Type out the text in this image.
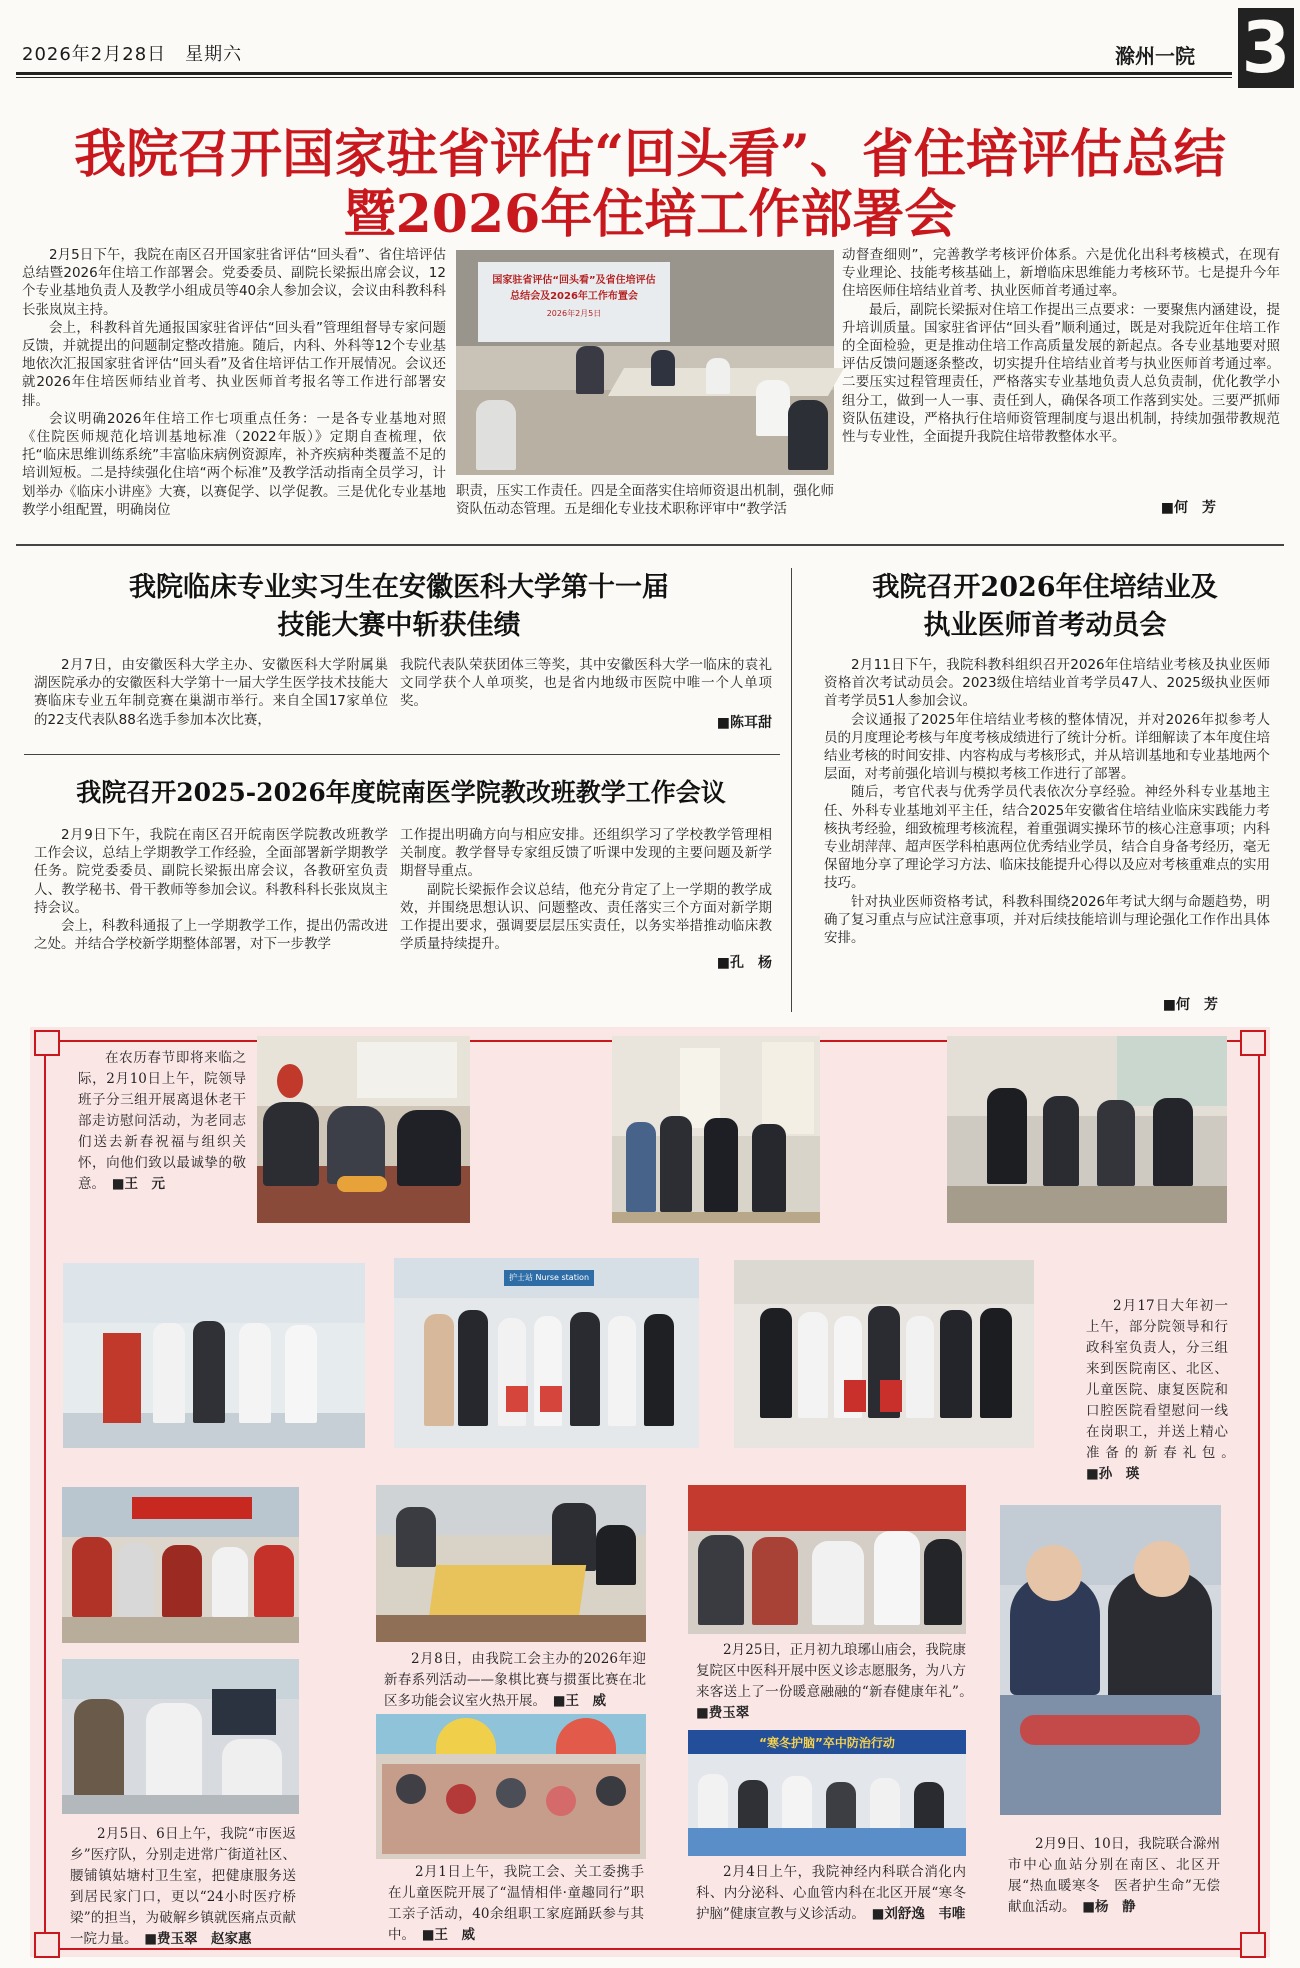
2026年2月28日　星期六	滁州一院 3
我院召开国家驻省评估“回头看”、省住培评估总结
暨2026年住培工作部署会
2月5日下午，我院在南区召开国家驻省评估“回头看”、省住培评估总结暨2026年住培工作部署会。党委委员、副院长梁振出席会议，12个专业基地负责人及教学小组成员等40余人参加会议，会议由科教科科长张岚岚主持。
会上，科教科首先通报国家驻省评估“回头看”管理组督导专家问题反馈，并就提出的问题制定整改措施。随后，内科、外科等12个专业基地依次汇报国家驻省评估“回头看”及省住培评估工作开展情况。会议还就2026年住培医师结业首考、执业医师首考报名等工作进行部署安排。
会议明确2026年住培工作七项重点任务：一是各专业基地对照《住院医师规范化培训基地标准（2022年版）》定期自查梳理，依托“临床思维训练系统”丰富临床病例资源库，补齐疾病种类覆盖不足的培训短板。二是持续强化住培“两个标准”及教学活动指南全员学习，计划举办《临床小讲座》大赛，以赛促学、以学促教。三是优化专业基地教学小组配置，明确岗位
国家驻省评估“回头看”及省住培评估
总结会及2026年工作布置会
2026年2月5日
职责，压实工作责任。四是全面落实住培师资退出机制，强化师资队伍动态管理。五是细化专业技术职称评审中“教学活
动督查细则”，完善教学考核评价体系。六是优化出科考核模式，在现有专业理论、技能考核基础上，新增临床思维能力考核环节。七是提升今年住培医师住培结业首考、执业医师首考通过率。
最后，副院长梁振对住培工作提出三点要求：一要聚焦内涵建设，提升培训质量。国家驻省评估“回头看”顺利通过，既是对我院近年住培工作的全面检验，更是推动住培工作高质量发展的新起点。各专业基地要对照评估反馈问题逐条整改，切实提升住培结业首考与执业医师首考通过率。二要压实过程管理责任，严格落实专业基地负责人总负责制，优化教学小组分工，做到一人一事、责任到人，确保各项工作落到实处。三要严抓师资队伍建设，严格执行住培师资管理制度与退出机制，持续加强带教规范性与专业性，全面提升我院住培带教整体水平。
■何　芳
我院临床专业实习生在安徽医科大学第十一届
技能大赛中斩获佳绩
2月7日，由安徽医科大学主办、安徽医科大学附属巢湖医院承办的安徽医科大学第十一届大学生医学技术技能大赛临床专业五年制竞赛在巢湖市举行。来自全国17家单位的22支代表队88名选手参加本次比赛，
我院代表队荣获团体三等奖，其中安徽医科大学一临床的袁礼文同学获个人单项奖，也是省内地级市医院中唯一个人单项奖。
■陈耳甜
我院召开2025-2026年度皖南医学院教改班教学工作会议
2月9日下午，我院在南区召开皖南医学院教改班教学工作会议，总结上学期教学工作经验，全面部署新学期教学任务。院党委委员、副院长梁振出席会议，各教研室负责人、教学秘书、骨干教师等参加会议。科教科科长张岚岚主持会议。
会上，科教科通报了上一学期教学工作，提出仍需改进之处。并结合学校新学期整体部署，对下一步教学
工作提出明确方向与相应安排。还组织学习了学校教学管理相关制度。教学督导专家组反馈了听课中发现的主要问题及新学期督导重点。
副院长梁振作会议总结，他充分肯定了上一学期的教学成效，并围绕思想认识、问题整改、责任落实三个方面对新学期工作提出要求，强调要层层压实责任，以务实举措推动临床教学质量持续提升。
■孔　杨
我院召开2026年住培结业及
执业医师首考动员会
2月11日下午，我院科教科组织召开2026年住培结业考核及执业医师资格首次考试动员会。2023级住培结业首考学员47人、2025级执业医师首考学员51人参加会议。
会议通报了2025年住培结业考核的整体情况，并对2026年拟参考人员的月度理论考核与年度考核成绩进行了统计分析。详细解读了本年度住培结业考核的时间安排、内容构成与考核形式，并从培训基地和专业基地两个层面，对考前强化培训与模拟考核工作进行了部署。
随后，考官代表与优秀学员代表依次分享经验。神经外科专业基地主任、外科专业基地刘平主任，结合2025年安徽省住培结业临床实践能力考核执考经验，细致梳理考核流程，着重强调实操环节的核心注意事项；内科专业胡萍萍、超声医学科柏惠两位优秀结业学员，结合自身备考经历，毫无保留地分享了理论学习方法、临床技能提升心得以及应对考核重难点的实用技巧。
针对执业医师资格考试，科教科围绕2026年考试大纲与命题趋势，明确了复习重点与应试注意事项，并对后续技能培训与理论强化工作作出具体安排。
■何　芳
在农历春节即将来临之际，2月10日上午，院领导班子分三组开展离退休老干部走访慰问活动，为老同志们送去新春祝福与组织关怀，向他们致以最诚挚的敬意。　 ■王　元
护士站 Nurse station
2月17日大年初一上午，部分院领导和行政科室负责人，分三组来到医院南区、北区、儿童医院、康复医院和口腔医院看望慰问一线在岗职工，并送上精心准备的新春礼包。　■孙　瑛
2月5日、6日上午，我院“市医返乡”医疗队，分别走进常广街道社区、腰铺镇姑塘村卫生室，把健康服务送到居民家门口，更以“24小时医疗桥梁”的担当，为破解乡镇就医痛点贡献一院力量。　 ■费玉翠　赵家惠
2月8日，由我院工会主办的2026年迎新春系列活动——象棋比赛与掼蛋比赛在北区多功能会议室火热开展。　 ■王　威
2月1日上午，我院工会、关工委携手在儿童医院开展了“温情相伴·童趣同行”职工亲子活动，40余组职工家庭踊跃参与其中。　 ■王　威
2月25日，正月初九琅琊山庙会，我院康复院区中医科开展中医义诊志愿服务，为八方来客送上了一份暖意融融的“新春健康年礼”。　■费玉翠
“寒冬护脑”卒中防治行动
2月4日上午，我院神经内科联合消化内科、内分泌科、心血管内科在北区开展“寒冬护脑”健康宣教与义诊活动。　 ■刘舒逸　韦唯
2月9日、10日，我院联合滁州市中心血站分别在南区、北区开展“热血暖寒冬　医者护生命”无偿献血活动。　 ■杨　静
